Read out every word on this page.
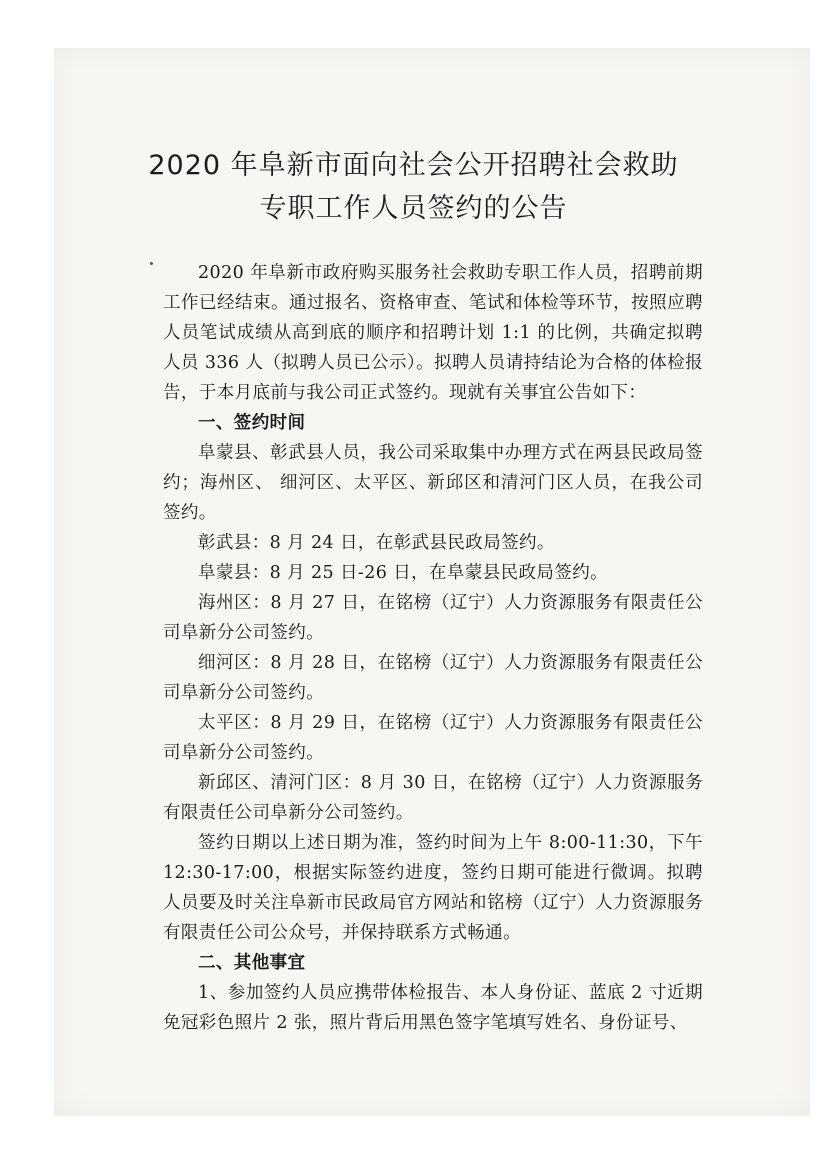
2020 年阜新市面向社会公开招聘社会救助
专职工作人员签约的公告

2020 年阜新市政府购买服务社会救助专职工作人员，招聘前期工作已经结束。通过报名、资格审查、笔试和体检等环节，按照应聘人员笔试成绩从高到底的顺序和招聘计划 1:1 的比例，共确定拟聘人员 336 人（拟聘人员已公示）。拟聘人员请持结论为合格的体检报告，于本月底前与我公司正式签约。现就有关事宜公告如下：

一、签约时间

阜蒙县、彰武县人员，我公司采取集中办理方式在两县民政局签约；海州区、 细河区、太平区、新邱区和清河门区人员，在我公司签约。

彰武县：8 月 24 日，在彰武县民政局签约。

阜蒙县：8 月 25 日-26 日，在阜蒙县民政局签约。

海州区：8 月 27 日，在铭榜（辽宁）人力资源服务有限责任公司阜新分公司签约。

细河区：8 月 28 日，在铭榜（辽宁）人力资源服务有限责任公司阜新分公司签约。

太平区：8 月 29 日，在铭榜（辽宁）人力资源服务有限责任公司阜新分公司签约。

新邱区、清河门区：8 月 30 日，在铭榜（辽宁）人力资源服务有限责任公司阜新分公司签约。

签约日期以上述日期为准，签约时间为上午 8:00-11:30，下午 12:30-17:00，根据实际签约进度，签约日期可能进行微调。拟聘人员要及时关注阜新市民政局官方网站和铭榜（辽宁）人力资源服务有限责任公司公众号，并保持联系方式畅通。

二、其他事宜

1、参加签约人员应携带体检报告、本人身份证、蓝底 2 寸近期免冠彩色照片 2 张，照片背后用黑色签字笔填写姓名、身份证号、
